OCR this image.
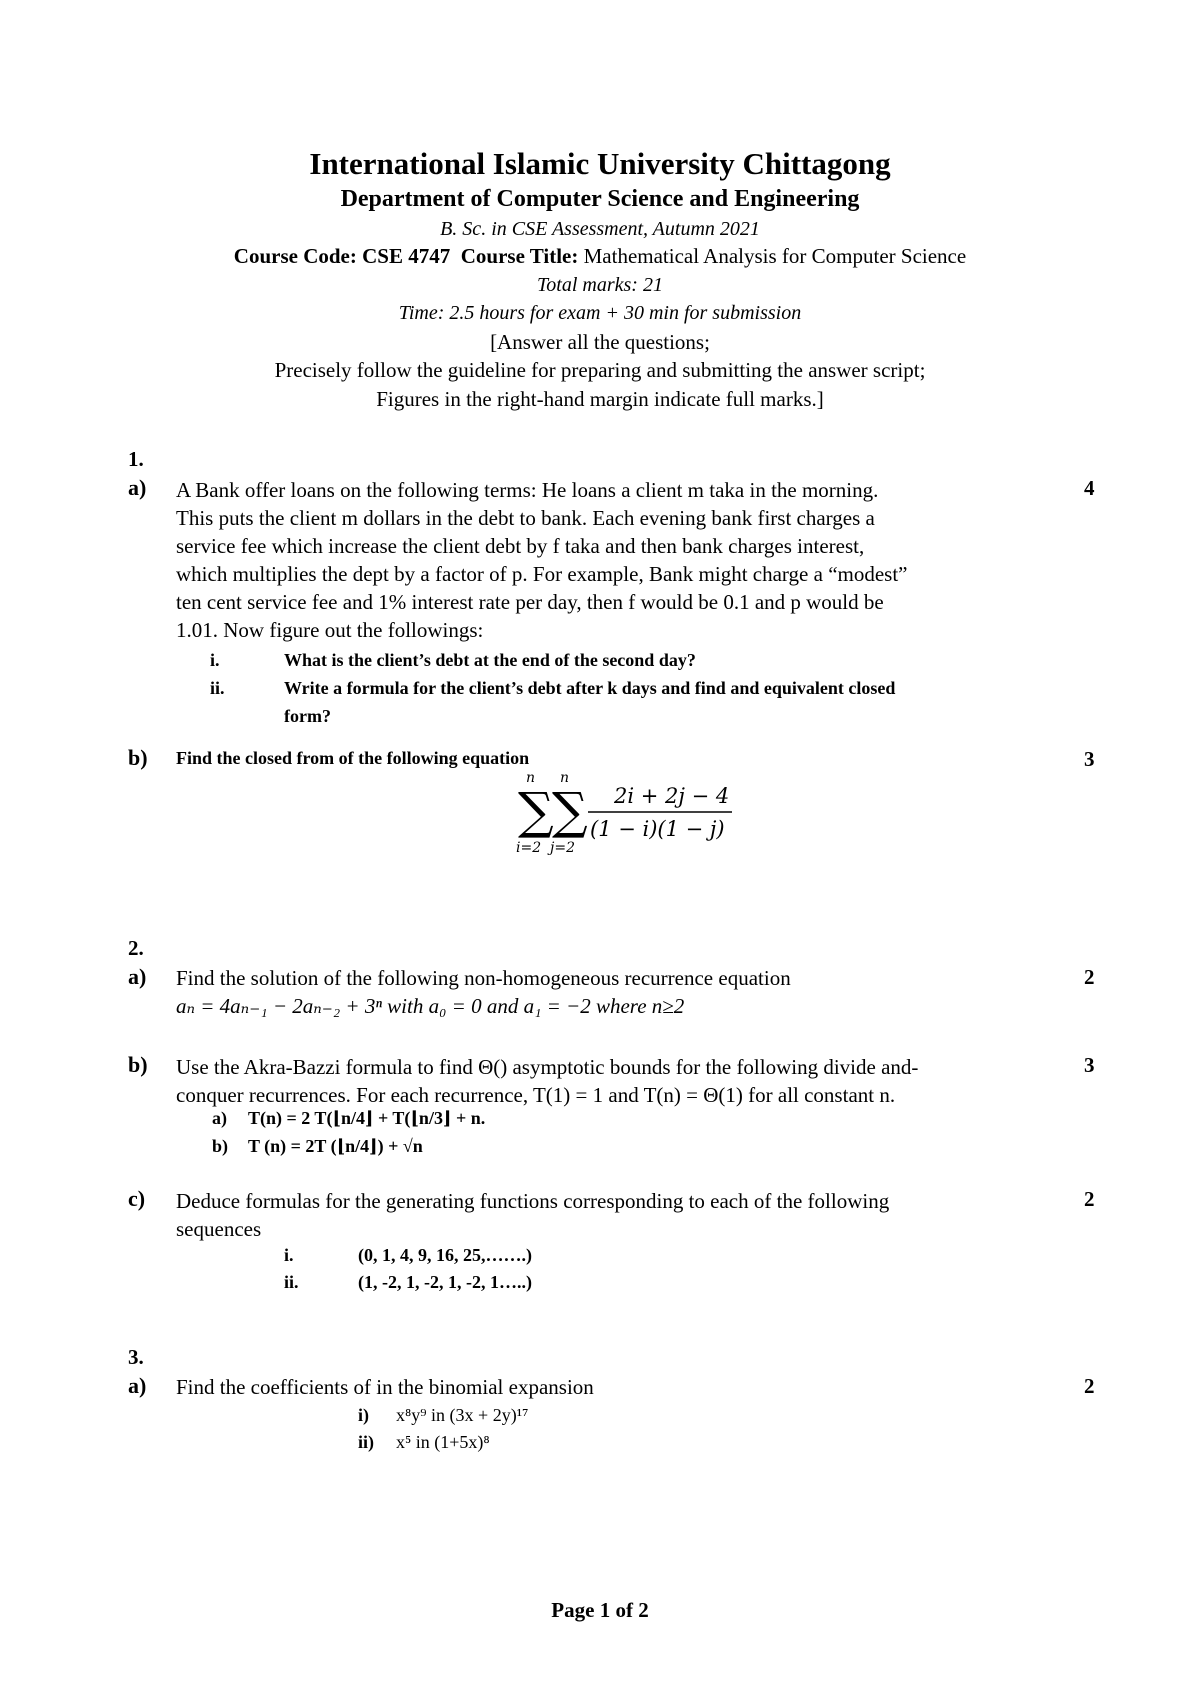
International Islamic University Chittagong
Department of Computer Science and Engineering
B. Sc. in CSE Assessment, Autumn 2021
Course Code: CSE 4747 Course Title: Mathematical Analysis for Computer Science
Total marks: 21
Time: 2.5 hours for exam + 30 min for submission
[Answer all the questions;
Precisely follow the guideline for preparing and submitting the answer script;
Figures in the right-hand margin indicate full marks.]
1.
a)	4
A Bank offer loans on the following terms: He loans a client m taka in the morning.
This puts the client m dollars in the debt to bank. Each evening bank first charges a
service fee which increase the client debt by f taka and then bank charges interest,
which multiplies the dept by a factor of p. For example, Bank might charge a “modest”
ten cent service fee and 1% interest rate per day, then f would be 0.1 and p would be
1.01. Now figure out the followings:
i.	What is the client’s debt at the end of the second day?
ii.	Write a formula for the client’s debt after k days and find and equivalent closed
form?
b) Find the closed from of the following equation	3
n
∑
i=2
n
∑
j=2
2i + 2j − 4
(1 − i)(1 − j)
2.
a) Find the solution of the following non-homogeneous recurrence equation	2
aₙ = 4aₙ₋₁ − 2aₙ₋₂ + 3ⁿ with a₀ = 0 and a₁ = −2 where n≥2
b)	3
Use the Akra-Bazzi formula to find Θ() asymptotic bounds for the following divide and-
conquer recurrences. For each recurrence, T(1) = 1 and T(n) = Θ(1) for all constant n.
a) T(n) = 2 T(⌊n/4⌋ + T(⌊n/3⌋ + n.
b) T (n) = 2T (⌊n/4⌋) + √n
c)	2
Deduce formulas for the generating functions corresponding to each of the following
sequences
i.	(0, 1, 4, 9, 16, 25,…….)
ii.	(1, -2, 1, -2, 1, -2, 1…..)
3.
a) Find the coefficients of in the binomial expansion	2
i) x⁸y⁹ in (3x + 2y)¹⁷
ii) x⁵ in (1+5x)⁸
Page 1 of 2
